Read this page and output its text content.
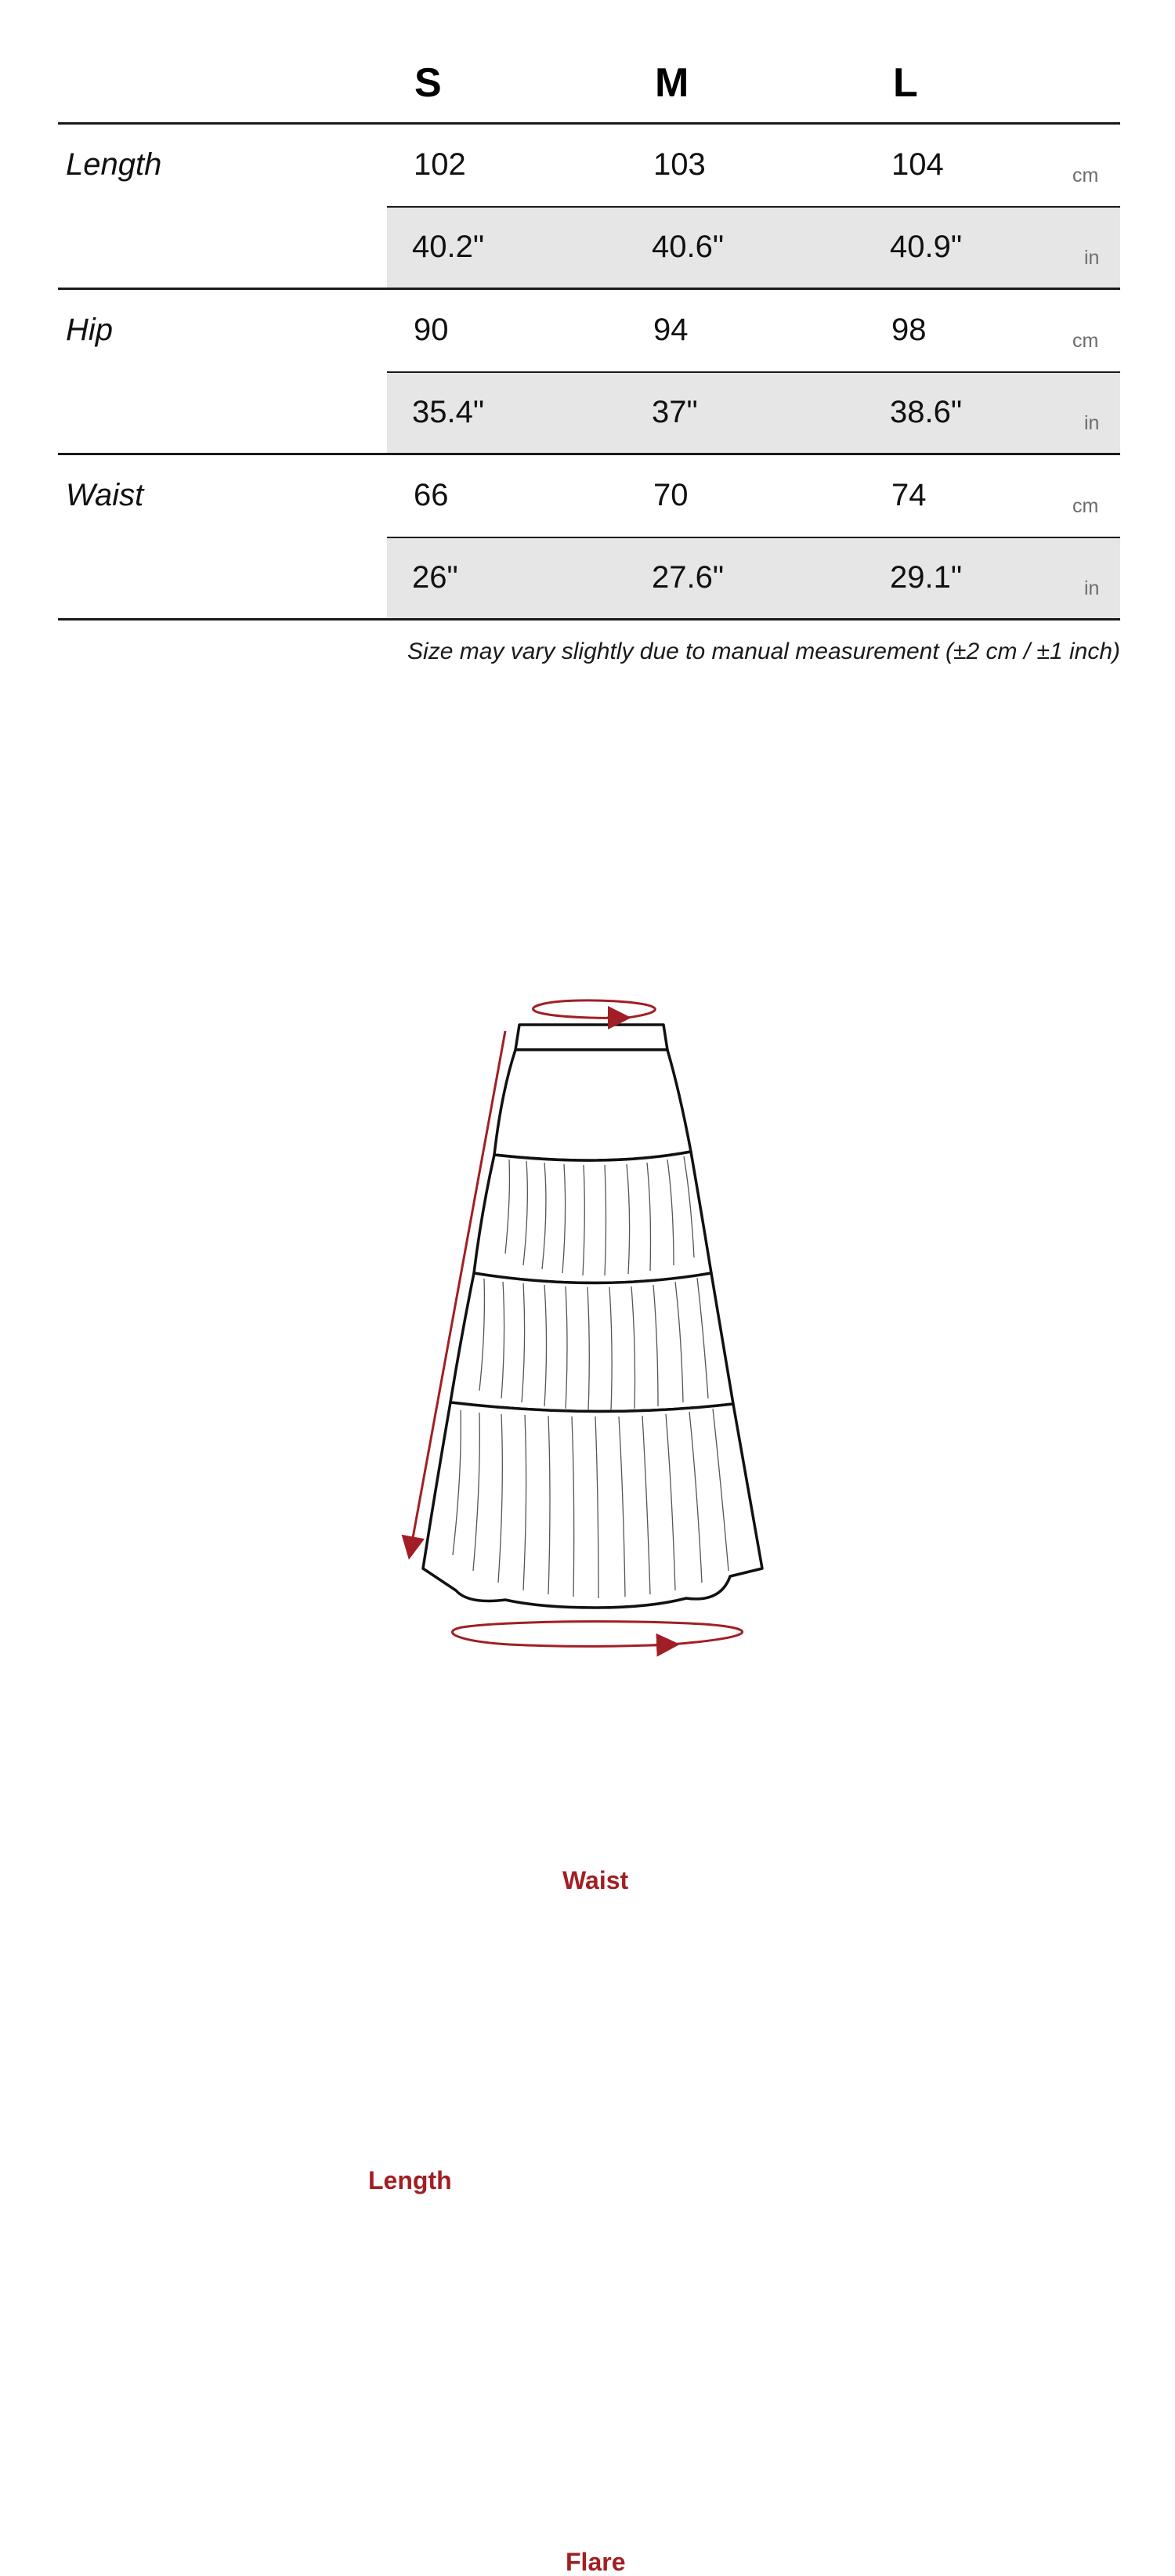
S	M	L
Length	102	103	104	cm
40.2"	40.6"	40.9"	in
Hip	90	94	98	cm
35.4"	37"	38.6"	in
Waist	66	70	74	cm
26"	27.6"	29.1"	in
Size may vary slightly due to manual measurement (±2 cm / ±1 inch)
Waist
Length
Flare
